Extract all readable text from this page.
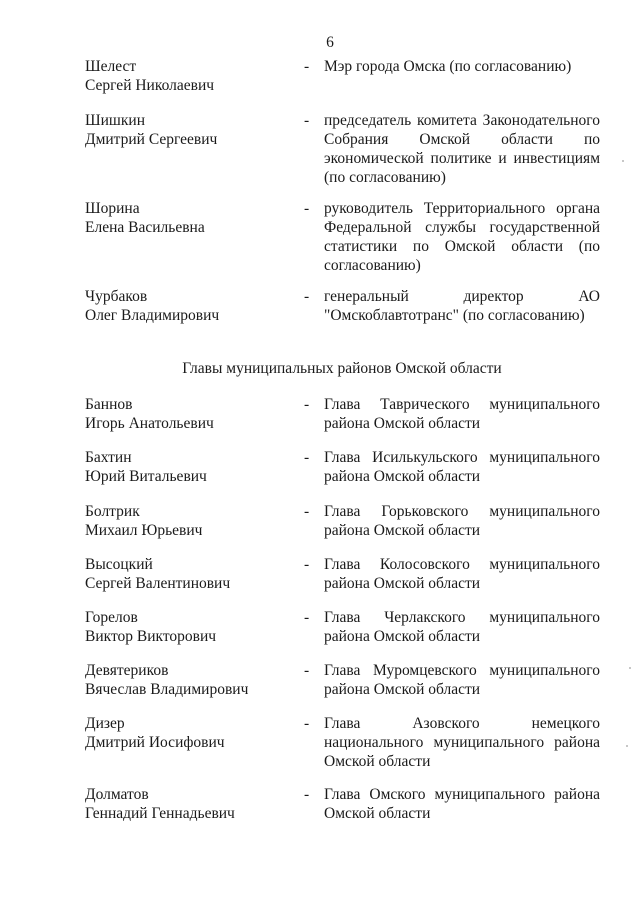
6
Шелест
Сергей Николаевич
- Мэр города Омска (по согласованию)
Шишкин
Дмитрий Сергеевич
- председатель комитета Законодательного Собрания Омской области по экономической политике и инвестициям (по согласованию)
Шорина
Елена Васильевна
- руководитель Территориального органа Федеральной службы государственной статистики по Омской области (по согласованию)
Чурбаков
Олег Владимирович
- генеральный директор АО "Омскоблавтотранс" (по согласованию)
Главы муниципальных районов Омской области
Баннов
Игорь Анатольевич
- Глава Таврического муниципального района Омской области
Бахтин
Юрий Витальевич
- Глава Исилькульского муниципального района Омской области
Болтрик
Михаил Юрьевич
- Глава Горьковского муниципального района Омской области
Высоцкий
Сергей Валентинович
- Глава Колосовского муниципального района Омской области
Горелов
Виктор Викторович
- Глава Черлакского муниципального района Омской области
Девятериков
Вячеслав Владимирович
- Глава Муромцевского муниципального района Омской области
Дизер
Дмитрий Иосифович
- Глава Азовского немецкого национального муниципального района Омской области
Долматов
Геннадий Геннадьевич
- Глава Омского муниципального района Омской области
